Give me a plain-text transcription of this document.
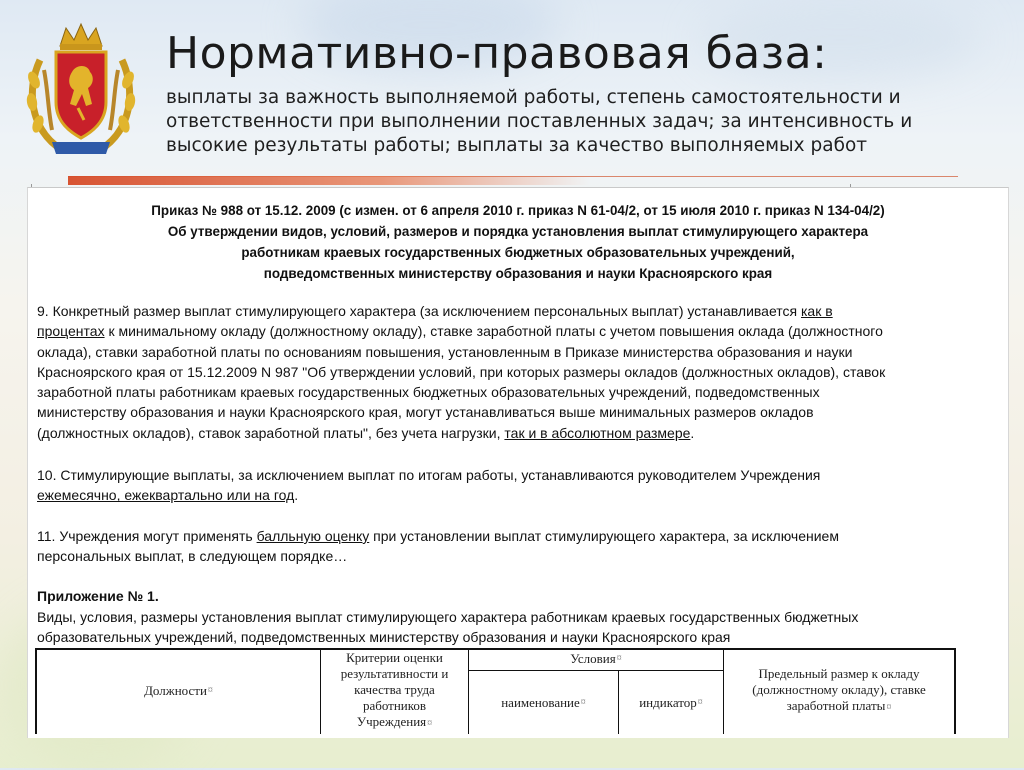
Нормативно-правовая база:
выплаты за важность выполняемой работы, степень самостоятельности и
ответственности при выполнении поставленных задач; за интенсивность и
высокие результаты работы; выплаты за качество выполняемых работ
Приказ № 988 от 15.12. 2009 (с измен. от 6 апреля 2010 г. приказ N 61-04/2, от 15 июля 2010 г. приказ N 134-04/2)
Об утверждении видов, условий, размеров и порядка установления выплат стимулирующего характера
работникам краевых государственных бюджетных образовательных учреждений,
подведомственных министерству образования и науки Красноярского края
9. Конкретный размер выплат стимулирующего характера (за исключением персональных выплат) устанавливается как в
процентах к минимальному окладу (должностному окладу), ставке заработной платы с учетом повышения оклада (должностного
оклада), ставки заработной платы по основаниям повышения, установленным в Приказе министерства образования и науки
Красноярского края от 15.12.2009 N 987 "Об утверждении условий, при которых размеры окладов (должностных окладов), ставок
заработной платы работникам краевых государственных бюджетных образовательных учреждений, подведомственных
министерству образования и науки Красноярского края, могут устанавливаться выше минимальных размеров окладов
(должностных окладов), ставок заработной платы", без учета нагрузки, так и в абсолютном размере.
10. Стимулирующие выплаты, за исключением выплат по итогам работы, устанавливаются руководителем Учреждения
ежемесячно, ежеквартально или на год.
11. Учреждения могут применять балльную оценку при установлении выплат стимулирующего характера, за исключением
персональных выплат, в следующем порядке…
Приложение № 1.
Виды, условия, размеры установления выплат стимулирующего характера работникам краевых государственных бюджетных
образовательных учреждений, подведомственных министерству образования и науки Красноярского края
Должности ¤
Критерии оценки
результативности и
качества труда
работников
Учреждения¤
Условия ¤
наименование ¤	индикатор ¤
Предельный размер к окладу
(должностному окладу), ставке
заработной платы¤
